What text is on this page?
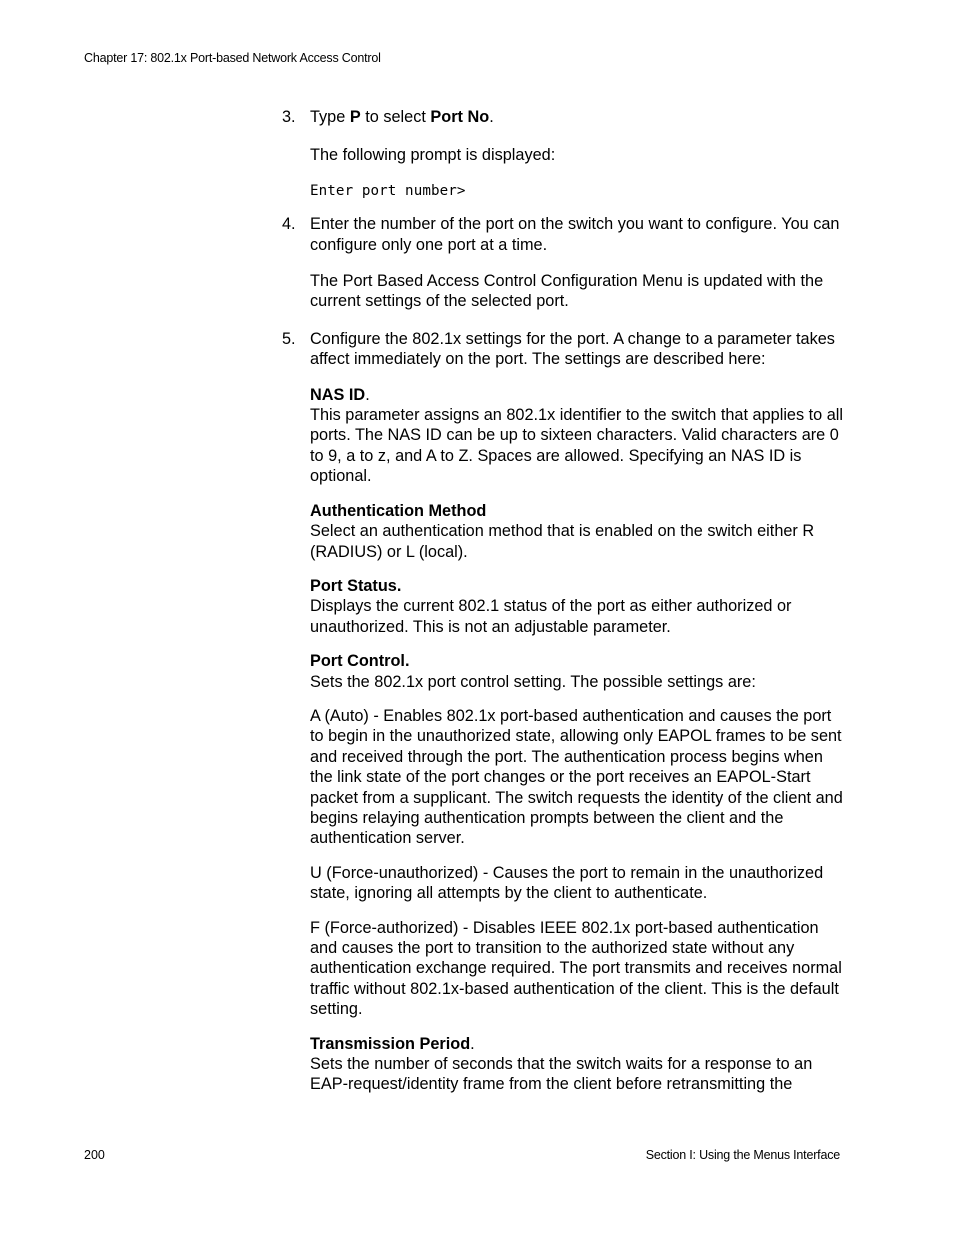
Chapter 17: 802.1x Port-based Network Access Control
3. Type P to select Port No.

The following prompt is displayed:

Enter port number>

4. Enter the number of the port on the switch you want to configure. You can configure only one port at a time.

The Port Based Access Control Configuration Menu is updated with the current settings of the selected port.

5. Configure the 802.1x settings for the port. A change to a parameter takes affect immediately on the port. The settings are described here:

NAS ID.

This parameter assigns an 802.1x identifier to the switch that applies to all ports. The NAS ID can be up to sixteen characters. Valid characters are 0 to 9, a to z, and A to Z. Spaces are allowed. Specifying an NAS ID is optional.

Authentication Method

Select an authentication method that is enabled on the switch either R (RADIUS) or L (local).

Port Status.

Displays the current 802.1 status of the port as either authorized or unauthorized. This is not an adjustable parameter.

Port Control.

Sets the 802.1x port control setting. The possible settings are:

A (Auto) - Enables 802.1x port-based authentication and causes the port to begin in the unauthorized state, allowing only EAPOL frames to be sent and received through the port. The authentication process begins when the link state of the port changes or the port receives an EAPOL-Start packet from a supplicant. The switch requests the identity of the client and begins relaying authentication prompts between the client and the authentication server.

U (Force-unauthorized) - Causes the port to remain in the unauthorized state, ignoring all attempts by the client to authenticate.

F (Force-authorized) - Disables IEEE 802.1x port-based authentication and causes the port to transition to the authorized state without any authentication exchange required. The port transmits and receives normal traffic without 802.1x-based authentication of the client. This is the default setting.

Transmission Period.

Sets the number of seconds that the switch waits for a response to an EAP-request/identity frame from the client before retransmitting the

200	Section I: Using the Menus Interface
